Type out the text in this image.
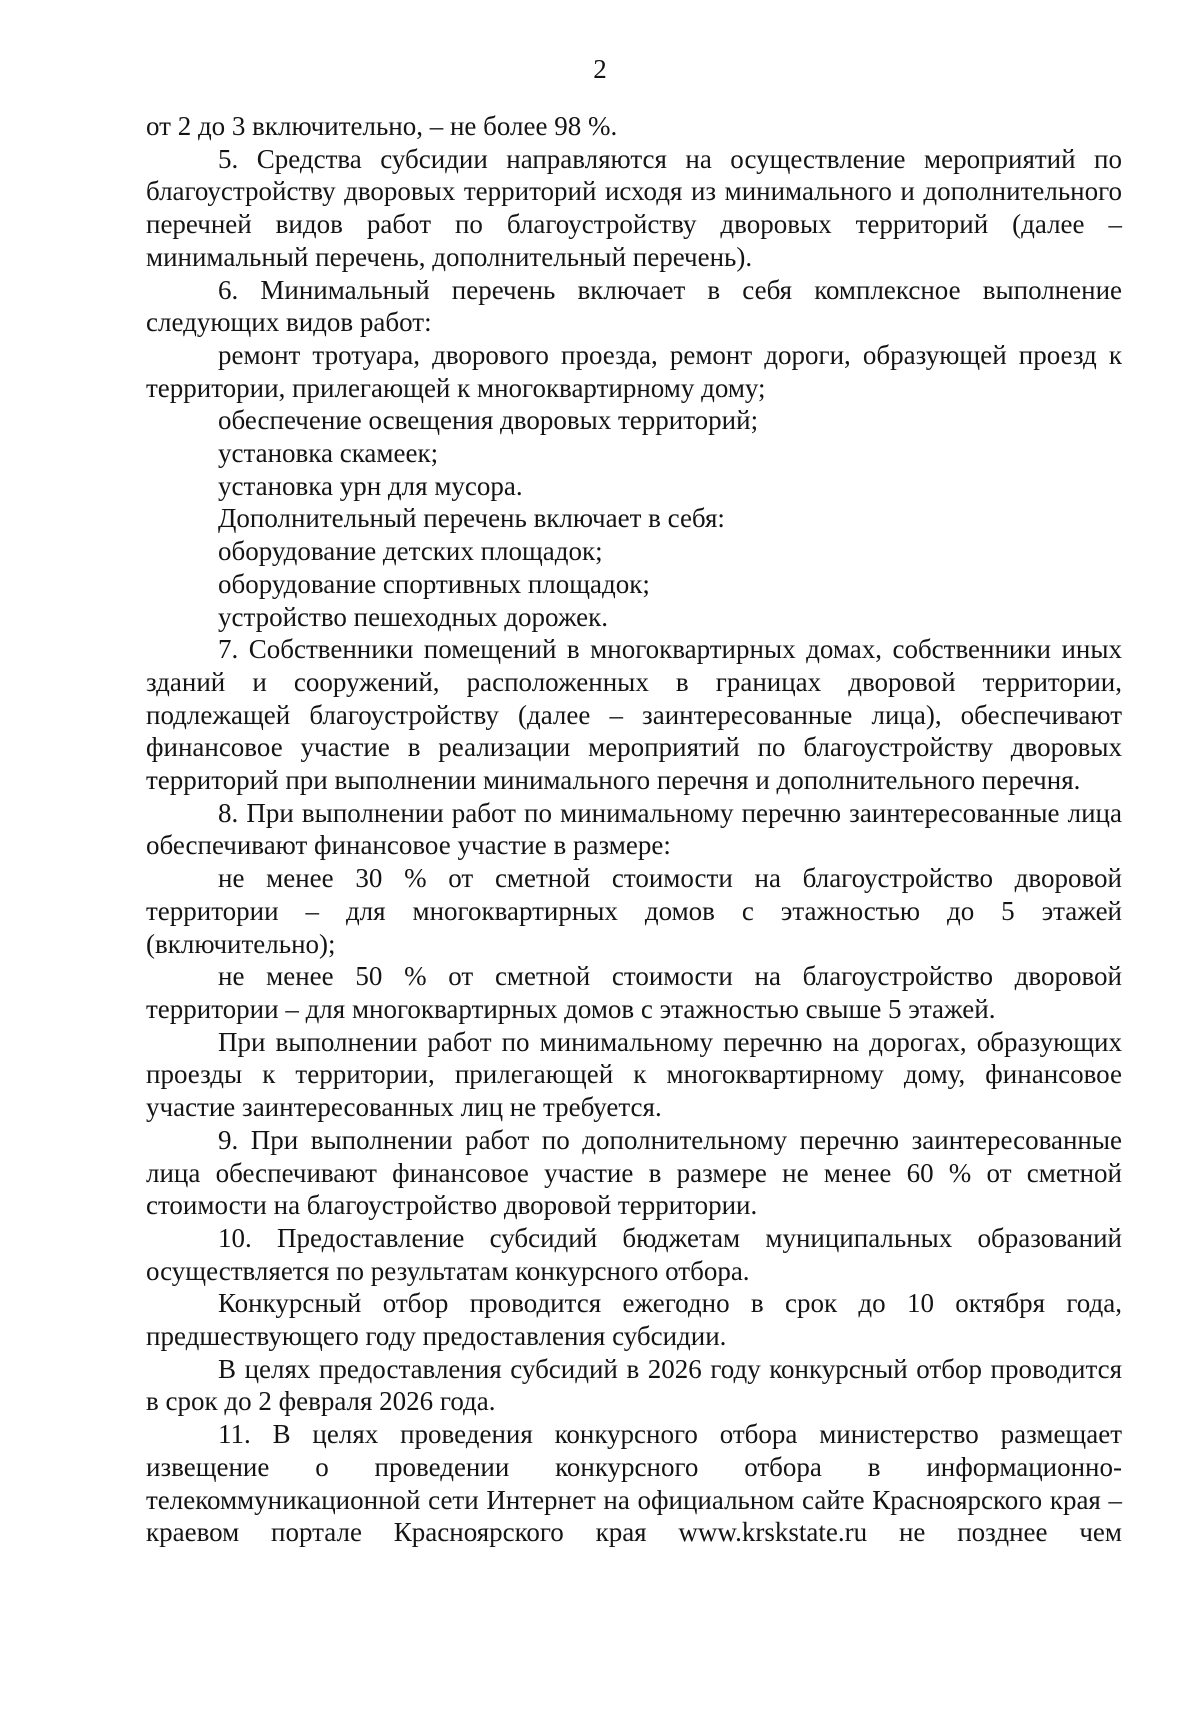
2

от 2 до 3 включительно, – не более 98 %.

5. Средства субсидии направляются на осуществление мероприятий по благоустройству дворовых территорий исходя из минимального и дополнительного перечней видов работ по благоустройству дворовых территорий (далее – минимальный перечень, дополнительный перечень).

6. Минимальный перечень включает в себя комплексное выполнение следующих видов работ:

ремонт тротуара, дворового проезда, ремонт дороги, образующей проезд к территории, прилегающей к многоквартирному дому;

обеспечение освещения дворовых территорий;

установка скамеек;

установка урн для мусора.

Дополнительный перечень включает в себя:

оборудование детских площадок;

оборудование спортивных площадок;

устройство пешеходных дорожек.

7. Собственники помещений в многоквартирных домах, собственники иных зданий и сооружений, расположенных в границах дворовой территории, подлежащей благоустройству (далее – заинтересованные лица), обеспечивают финансовое участие в реализации мероприятий по благоустройству дворовых территорий при выполнении минимального перечня и дополнительного перечня.

8. При выполнении работ по минимальному перечню заинтересованные лица обеспечивают финансовое участие в размере:

не менее 30 % от сметной стоимости на благоустройство дворовой территории – для многоквартирных домов с этажностью до 5 этажей (включительно);

не менее 50 % от сметной стоимости на благоустройство дворовой территории – для многоквартирных домов с этажностью свыше 5 этажей.

При выполнении работ по минимальному перечню на дорогах, образующих проезды к территории, прилегающей к многоквартирному дому, финансовое участие заинтересованных лиц не требуется.

9. При выполнении работ по дополнительному перечню заинтересованные лица обеспечивают финансовое участие в размере не менее 60 % от сметной стоимости на благоустройство дворовой территории.

10. Предоставление субсидий бюджетам муниципальных образований осуществляется по результатам конкурсного отбора.

Конкурсный отбор проводится ежегодно в срок до 10 октября года, предшествующего году предоставления субсидии.

В целях предоставления субсидий в 2026 году конкурсный отбор проводится в срок до 2 февраля 2026 года.

11. В целях проведения конкурсного отбора министерство размещает извещение о проведении конкурсного отбора в информационно-телекоммуникационной сети Интернет на официальном сайте Красноярского края – краевом портале Красноярского края www.krskstate.ru не позднее чем
